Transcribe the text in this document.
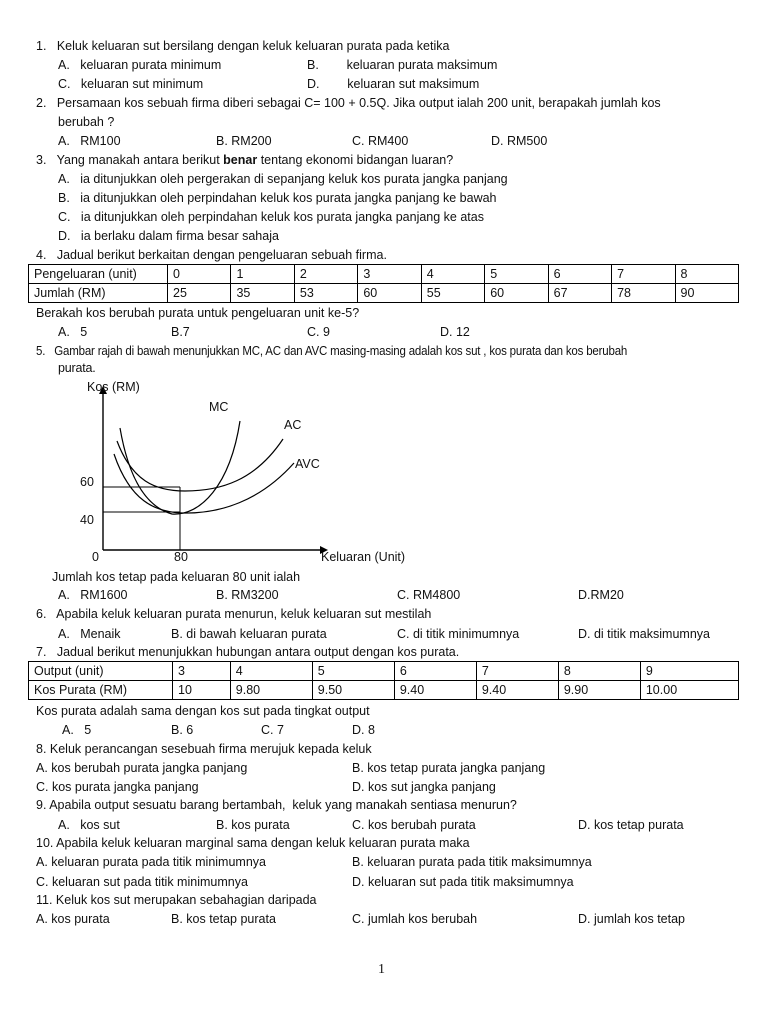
1.   Keluk keluaran sut bersilang dengan keluk keluaran purata pada ketika
A.   keluaran purata minimum	B.        keluaran purata maksimum
C.   keluaran sut minimum	D.        keluaran sut maksimum
2.   Persamaan kos sebuah firma diberi sebagai C= 100 + 0.5Q. Jika output ialah 200 unit, berapakah jumlah kos
berubah ?
A.   RM100	B. RM200	C. RM400	D. RM500
3.   Yang manakah antara berikut benar tentang ekonomi bidangan luaran?
A.   ia ditunjukkan oleh pergerakan di sepanjang keluk kos purata jangka panjang
B.   ia ditunjukkan oleh perpindahan keluk kos purata jangka panjang ke bawah
C.   ia ditunjukkan oleh perpindahan keluk kos purata jangka panjang ke atas
D.   ia berlaku dalam firma besar sahaja
4.   Jadual berikut berkaitan dengan pengeluaran sebuah firma.
Pengeluaran (unit)	0	1	2	3	4	5	6	7	8
Jumlah (RM)	25	35	53	60	55	60	67	78	90
Berakah kos berubah purata untuk pengeluaran unit ke-5?
A.   5	B.7	C. 9	D. 12
5.   Gambar rajah di bawah menunjukkan MC, AC dan AVC masing-masing adalah kos sut , kos purata dan kos berubah
purata.
Kos (RM)
Keluaran (Unit)
0	80
60
40
MC
AC
AVC
Jumlah kos tetap pada keluaran 80 unit ialah
A.   RM1600	B. RM3200	C. RM4800	D.RM20
6.   Apabila keluk keluaran purata menurun, keluk keluaran sut mestilah
A.   Menaik	B. di bawah keluaran purata	C. di titik minimumnya	D. di titik maksimumnya
7.   Jadual berikut menunjukkan hubungan antara output dengan kos purata.
Output (unit)	3	4	5	6	7	8	9
Kos Purata (RM)	10	9.80	9.50	9.40	9.40	9.90	10.00
Kos purata adalah sama dengan kos sut pada tingkat output
A.   5	B. 6	C. 7	D. 8
8. Keluk perancangan sesebuah firma merujuk kepada keluk
A. kos berubah purata jangka panjang	B. kos tetap purata jangka panjang
C. kos purata jangka panjang	D. kos sut jangka panjang
9. Apabila output sesuatu barang bertambah,  keluk yang manakah sentiasa menurun?
A.   kos sut	B. kos purata	C. kos berubah purata	D. kos tetap purata
10. Apabila keluk keluaran marginal sama dengan keluk keluaran purata maka
A. keluaran purata pada titik minimumnya	B. keluaran purata pada titik maksimumnya
C. keluaran sut pada titik minimumnya	D. keluaran sut pada titik maksimumnya
11. Keluk kos sut merupakan sebahagian daripada
A. kos purata	B. kos tetap purata	C. jumlah kos berubah	D. jumlah kos tetap
1
